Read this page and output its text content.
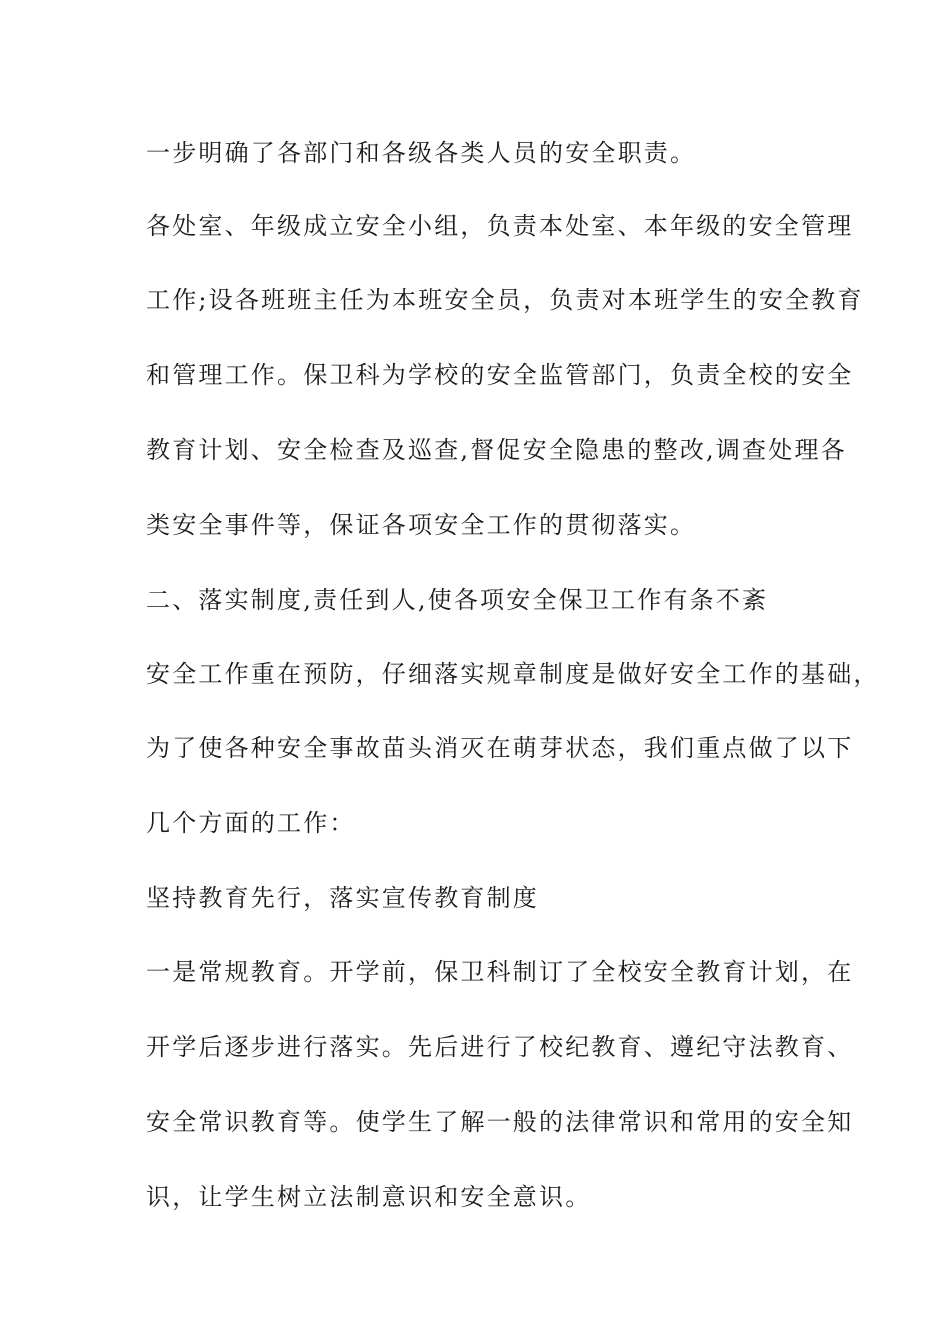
一步明确了各部门和各级各类人员的安全职责。
各处室、年级成立安全小组，负责本处室、本年级的安全管理
工作;设各班班主任为本班安全员，负责对本班学生的安全教育
和管理工作。保卫科为学校的安全监管部门，负责全校的安全
教育计划、安全检查及巡查,督促安全隐患的整改,调查处理各
类安全事件等，保证各项安全工作的贯彻落实。
二、落实制度,责任到人,使各项安全保卫工作有条不紊
安全工作重在预防，仔细落实规章制度是做好安全工作的基础，
为了使各种安全事故苗头消灭在萌芽状态，我们重点做了以下
几个方面的工作：
坚持教育先行，落实宣传教育制度
一是常规教育。开学前，保卫科制订了全校安全教育计划，在
开学后逐步进行落实。先后进行了校纪教育、遵纪守法教育、
安全常识教育等。使学生了解一般的法律常识和常用的安全知
识，让学生树立法制意识和安全意识。
